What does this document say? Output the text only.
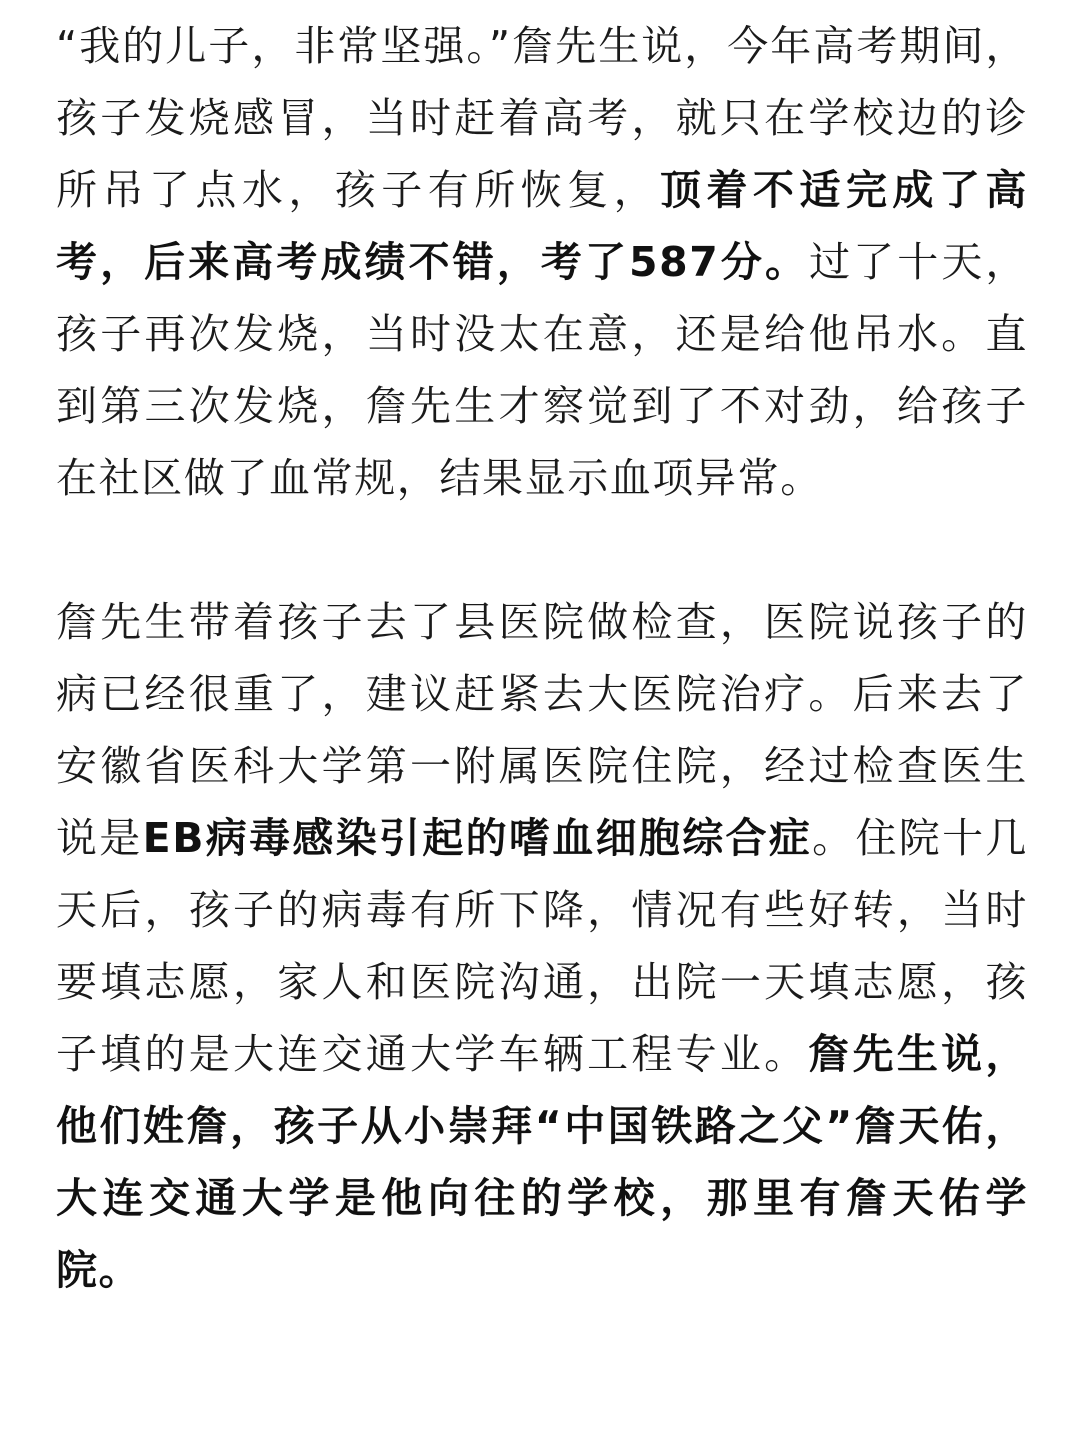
“我的儿子，非常坚强。”詹先生说，今年高考期间，孩子发烧感冒，当时赶着高考，就只在学校边的诊所吊了点水，孩子有所恢复，顶着不适完成了高考，后来高考成绩不错，考了587分。过了十天，孩子再次发烧，当时没太在意，还是给他吊水。直到第三次发烧，詹先生才察觉到了不对劲，给孩子在社区做了血常规，结果显示血项异常。

詹先生带着孩子去了县医院做检查，医院说孩子的病已经很重了，建议赶紧去大医院治疗。后来去了安徽省医科大学第一附属医院住院，经过检查医生说是EB病毒感染引起的嗜血细胞综合症。住院十几天后，孩子的病毒有所下降，情况有些好转，当时要填志愿，家人和医院沟通，出院一天填志愿，孩子填的是大连交通大学车辆工程专业。詹先生说，他们姓詹，孩子从小崇拜“中国铁路之父”詹天佑，大连交通大学是他向往的学校，那里有詹天佑学院。
